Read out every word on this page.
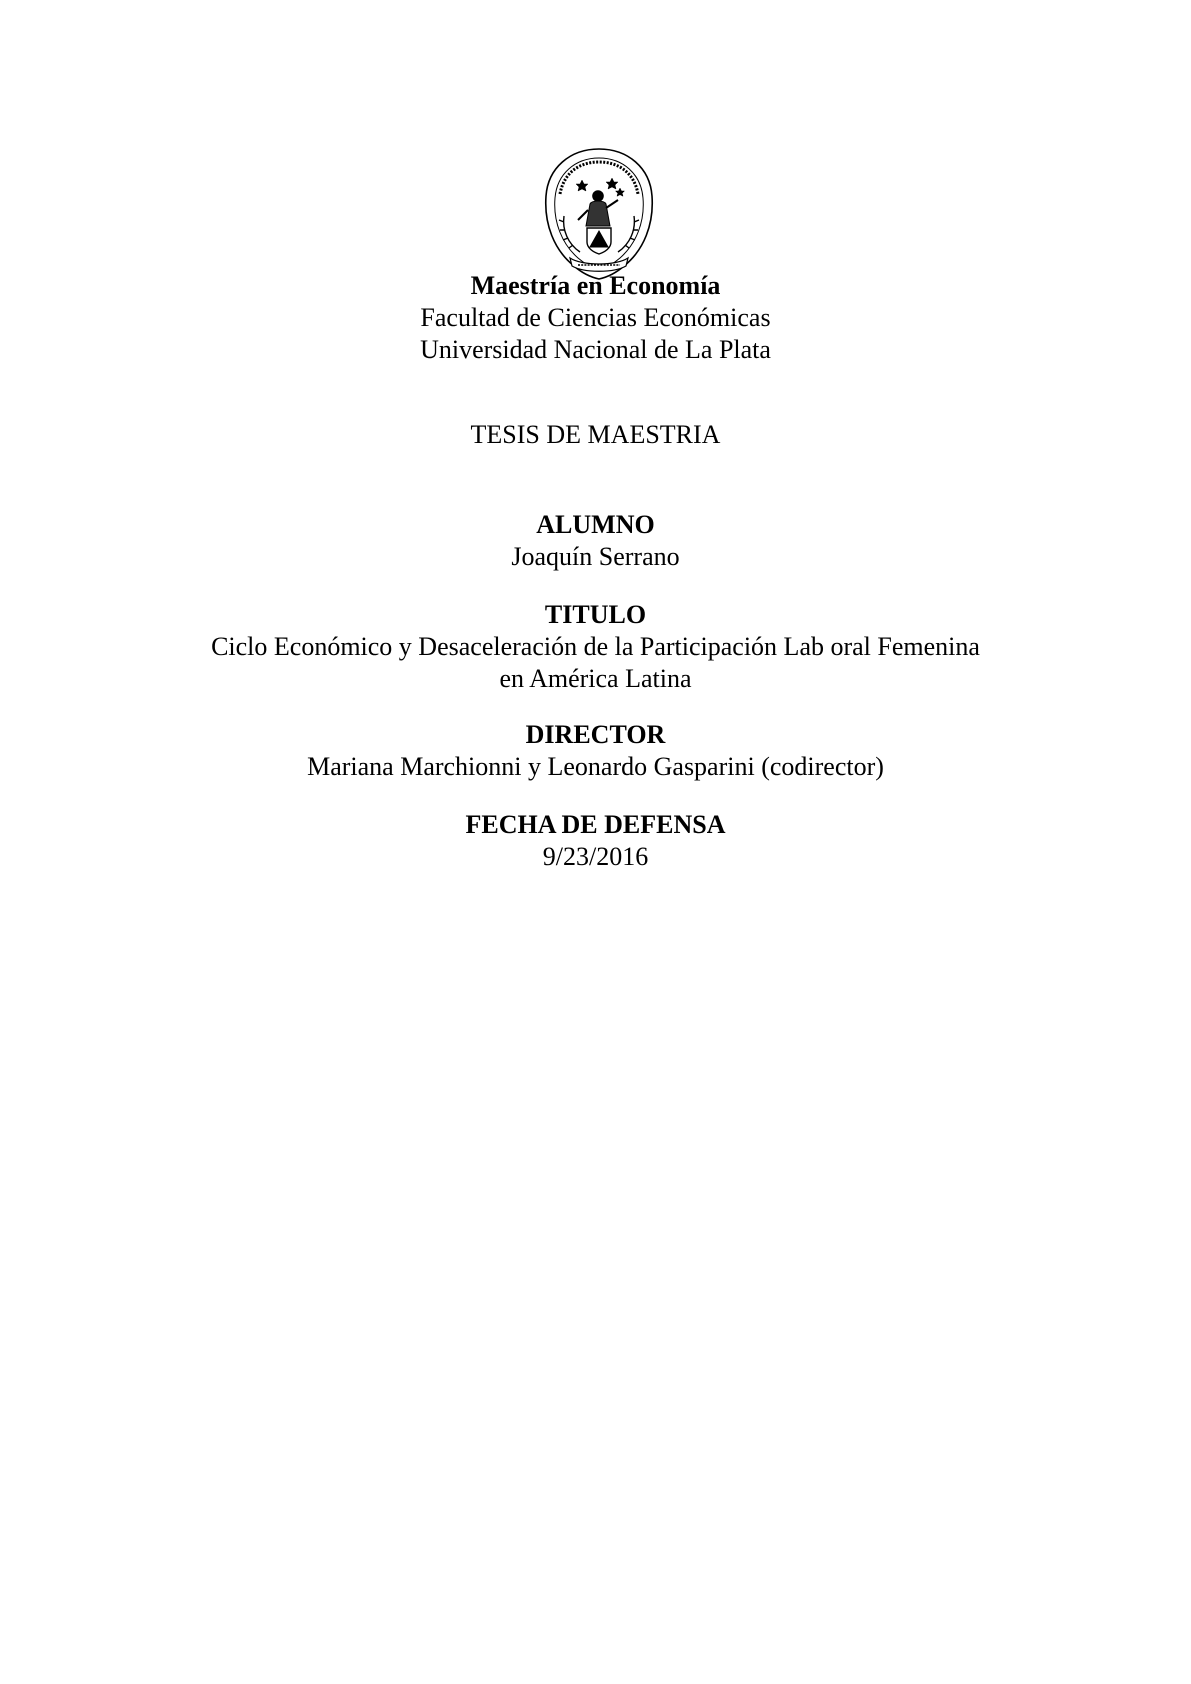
Maestría en Economía
Facultad de Ciencias Económicas
Universidad Nacional de La Plata
TESIS DE MAESTRIA
ALUMNO
Joaquín Serrano
TITULO
Ciclo Económico y Desaceleración de la Participación Lab oral Femenina
en América Latina
DIRECTOR
Mariana Marchionni y Leonardo Gasparini (codirector)
FECHA DE DEFENSA
9/23/2016
